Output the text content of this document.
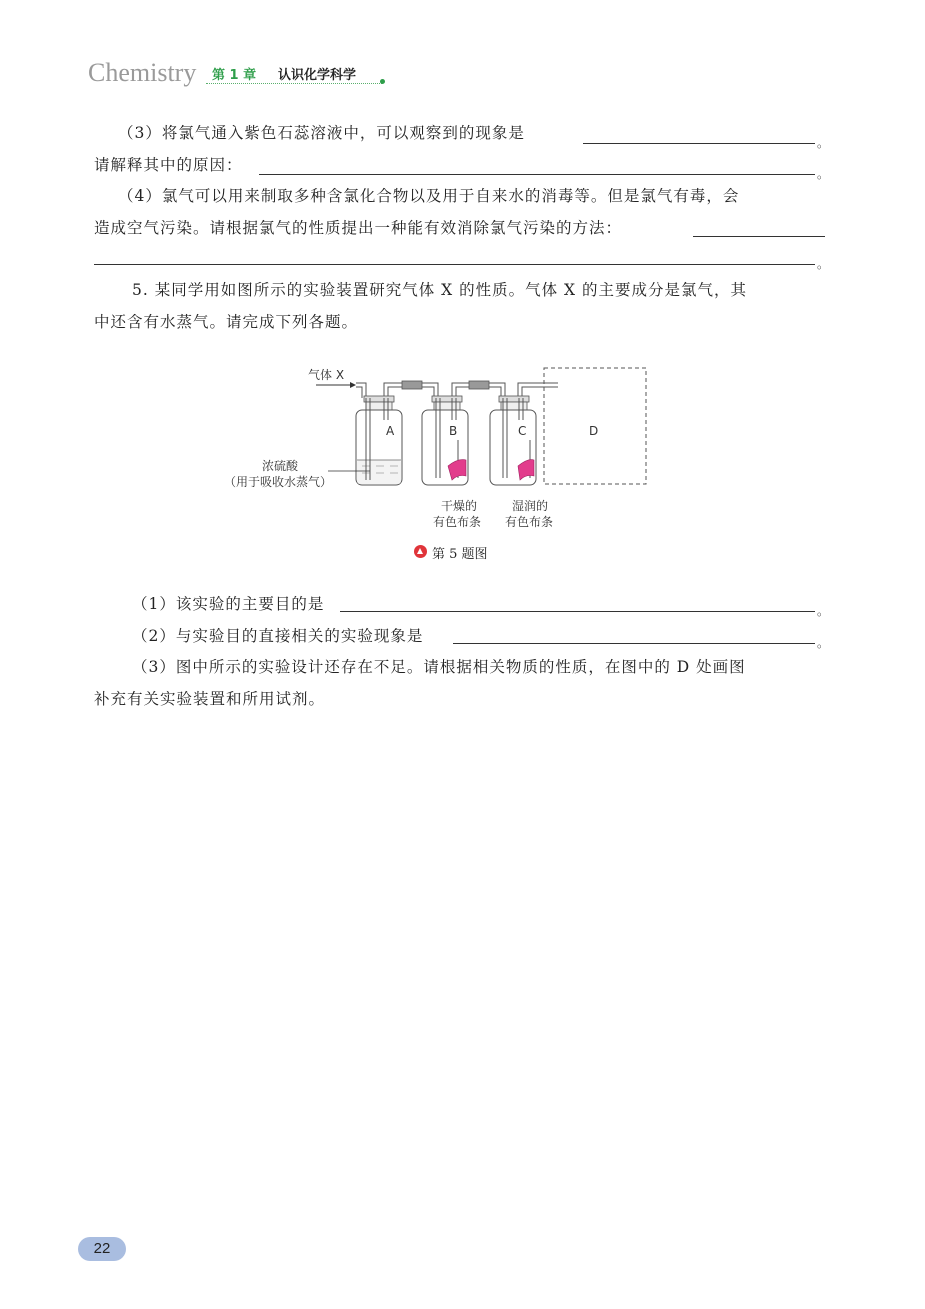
Chemistry 第 1 章 认识化学科学
（3）将氯气通入紫色石蕊溶液中，可以观察到的现象是
。
请解释其中的原因：	。
（4）氯气可以用来制取多种含氯化合物以及用于自来水的消毒等。但是氯气有毒，会
造成空气污染。请根据氯气的性质提出一种能有效消除氯气污染的方法：
。
5. 某同学用如图所示的实验装置研究气体 X 的性质。气体 X 的主要成分是氯气，其
中还含有水蒸气。请完成下列各题。
气体 X
A	B	C	D
浓硫酸
（用于吸收水蒸气）
干燥的
有色布条
湿润的
有色布条
第 5 题图
（1）该实验的主要目的是	。
（2）与实验目的直接相关的实验现象是	。
（3）图中所示的实验设计还存在不足。请根据相关物质的性质，在图中的 D 处画图
补充有关实验装置和所用试剂。
22
